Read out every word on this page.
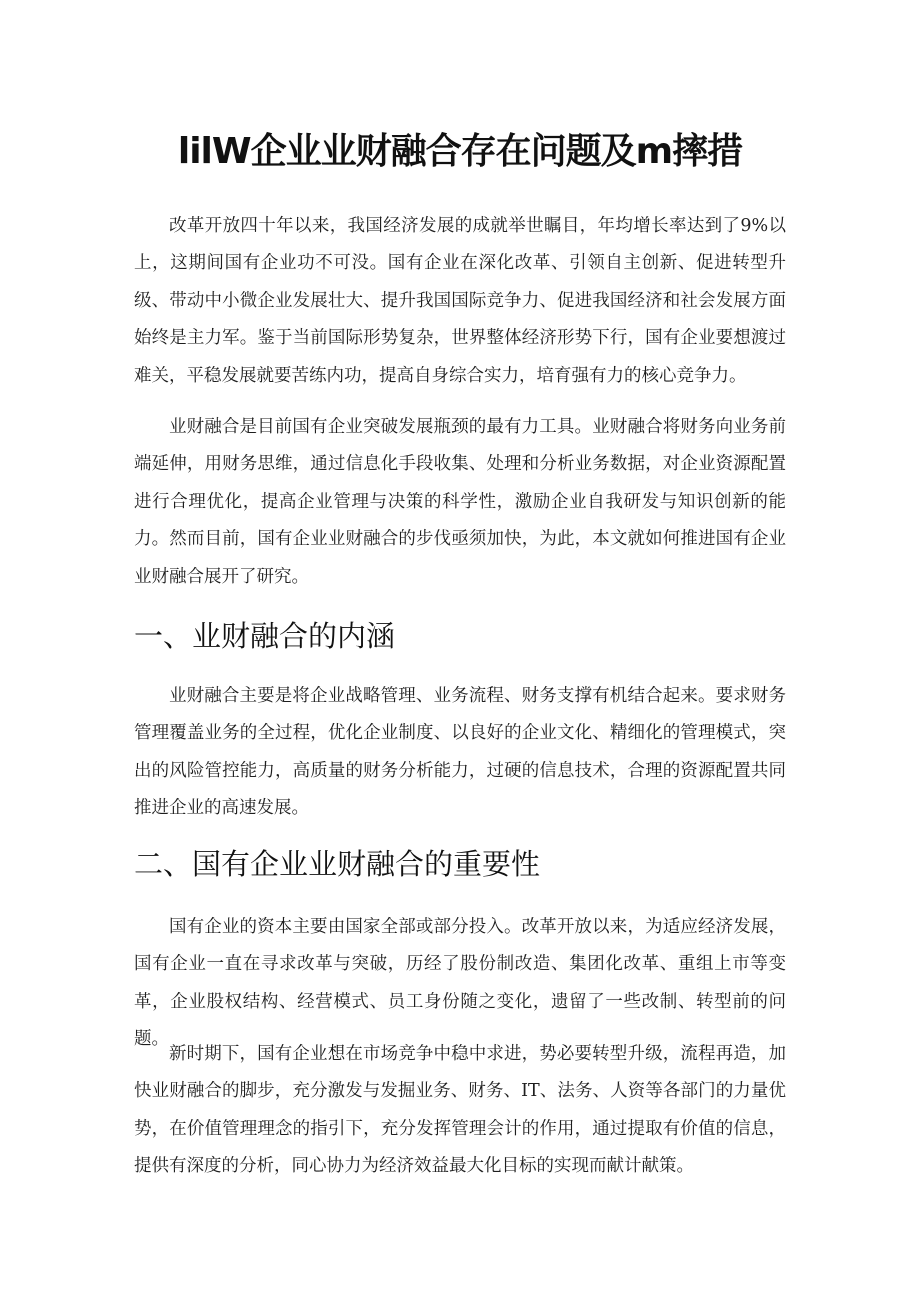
lilW企业业财融合存在问题及m摔措

改革开放四十年以来，我国经济发展的成就举世瞩目，年均增长率达到了9%以上，这期间国有企业功不可没。国有企业在深化改革、引领自主创新、促进转型升级、带动中小微企业发展壮大、提升我国国际竞争力、促进我国经济和社会发展方面始终是主力军。鉴于当前国际形势复杂，世界整体经济形势下行，国有企业要想渡过难关，平稳发展就要苦练内功，提高自身综合实力，培育强有力的核心竞争力。

业财融合是目前国有企业突破发展瓶颈的最有力工具。业财融合将财务向业务前端延伸，用财务思维，通过信息化手段收集、处理和分析业务数据，对企业资源配置进行合理优化，提高企业管理与决策的科学性，激励企业自我研发与知识创新的能力。然而目前，国有企业业财融合的步伐亟须加快，为此，本文就如何推进国有企业业财融合展开了研究。

一、业财融合的内涵

业财融合主要是将企业战略管理、业务流程、财务支撑有机结合起来。要求财务管理覆盖业务的全过程，优化企业制度、以良好的企业文化、精细化的管理模式，突出的风险管控能力，高质量的财务分析能力，过硬的信息技术，合理的资源配置共同推进企业的高速发展。

二、国有企业业财融合的重要性

国有企业的资本主要由国家全部或部分投入。改革开放以来，为适应经济发展，国有企业一直在寻求改革与突破，历经了股份制改造、集团化改革、重组上市等变革，企业股权结构、经营模式、员工身份随之变化，遗留了一些改制、转型前的问题。

新时期下，国有企业想在市场竞争中稳中求进，势必要转型升级，流程再造，加快业财融合的脚步，充分激发与发掘业务、财务、IT、法务、人资等各部门的力量优势，在价值管理理念的指引下，充分发挥管理会计的作用，通过提取有价值的信息，提供有深度的分析，同心协力为经济效益最大化目标的实现而献计献策。
